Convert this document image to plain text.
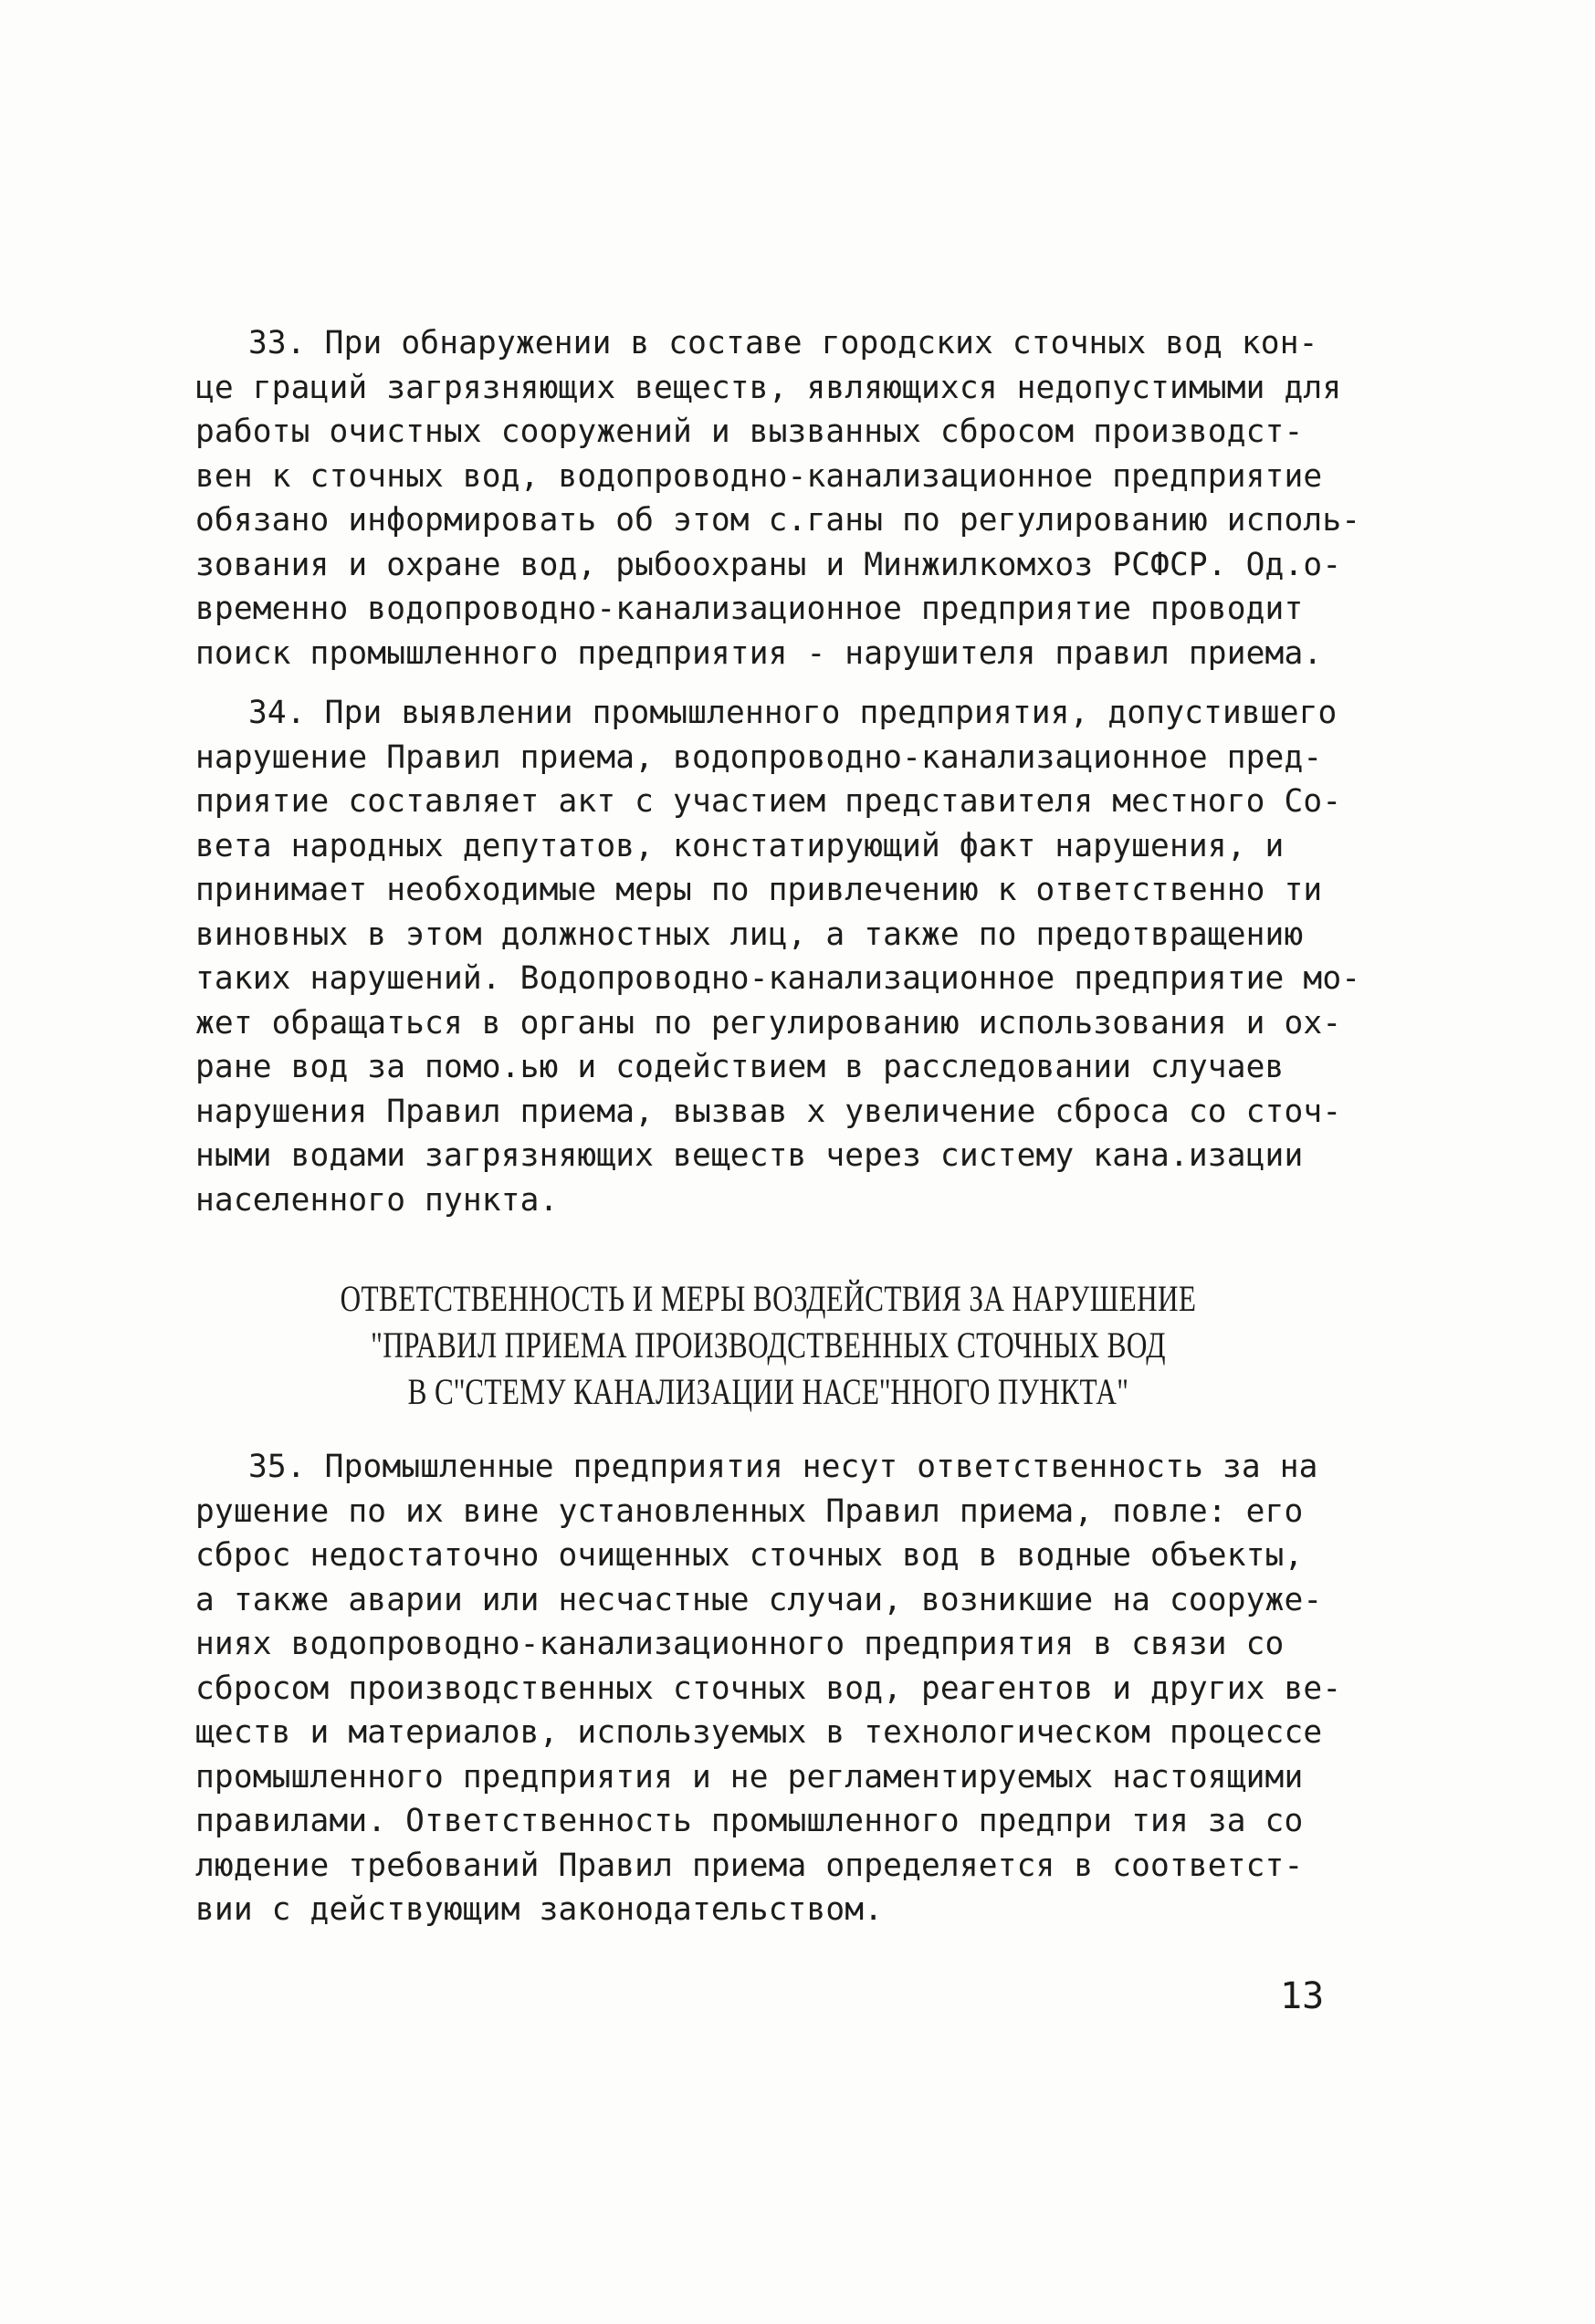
33. При обнаружении в составе городских сточных вод кон-
це граций загрязняющих веществ, являющихся недопустимыми для
работы очистных сооружений и вызванных сбросом производст-
вен к сточных вод, водопроводно-канализационное предприятие
обязано информировать об этом с.ганы по регулированию исполь-
зования и охране вод, рыбоохраны и Минжилкомхоз РСФСР. Од.о-
временно водопроводно-канализационное предприятие проводит
поиск промышленного предприятия - нарушителя правил приема.
34. При выявлении промышленного предприятия, допустившего
нарушение Правил приема, водопроводно-канализационное пред-
приятие составляет акт с участием представителя местного Со-
вета народных депутатов, констатирующий факт нарушения, и
принимает необходимые меры по привлечению к ответственно ти
виновных в этом должностных лиц, а также по предотвращению
таких нарушений. Водопроводно-канализационное предприятие мо-
жет обращаться в органы по регулированию использования и ох-
ране вод за помо.ью и содействием в расследовании случаев
нарушения Правил приема, вызвав х увеличение сброса со сточ-
ными водами загрязняющих веществ через систему кана.изации
населенного пункта.
ОТВЕТСТВЕННОСТЬ И МЕРЫ ВОЗДЕЙСТВИЯ ЗА НАРУШЕНИЕ
"ПРАВИЛ ПРИЕМА ПРОИЗВОДСТВЕННЫХ СТОЧНЫХ ВОД
В С''СТЕМУ КАНАЛИЗАЦИИ НАСЕ''ННОГО ПУНКТА"
35. Промышленные предприятия несут ответственность за на
рушение по их вине установленных Правил приема, повле: его
сброс недостаточно очищенных сточных вод в водные объекты,
а также аварии или несчастные случаи, возникшие на сооруже-
ниях водопроводно-канализационного предприятия в связи со
сбросом производственных сточных вод, реагентов и других ве-
ществ и материалов, используемых в технологическом процессе
промышленного предприятия и не регламентируемых настоящими
правилами. Ответственность промышленного предпри тия за со
людение требований Правил приема определяется в соответст-
вии с действующим законодательством.
13
